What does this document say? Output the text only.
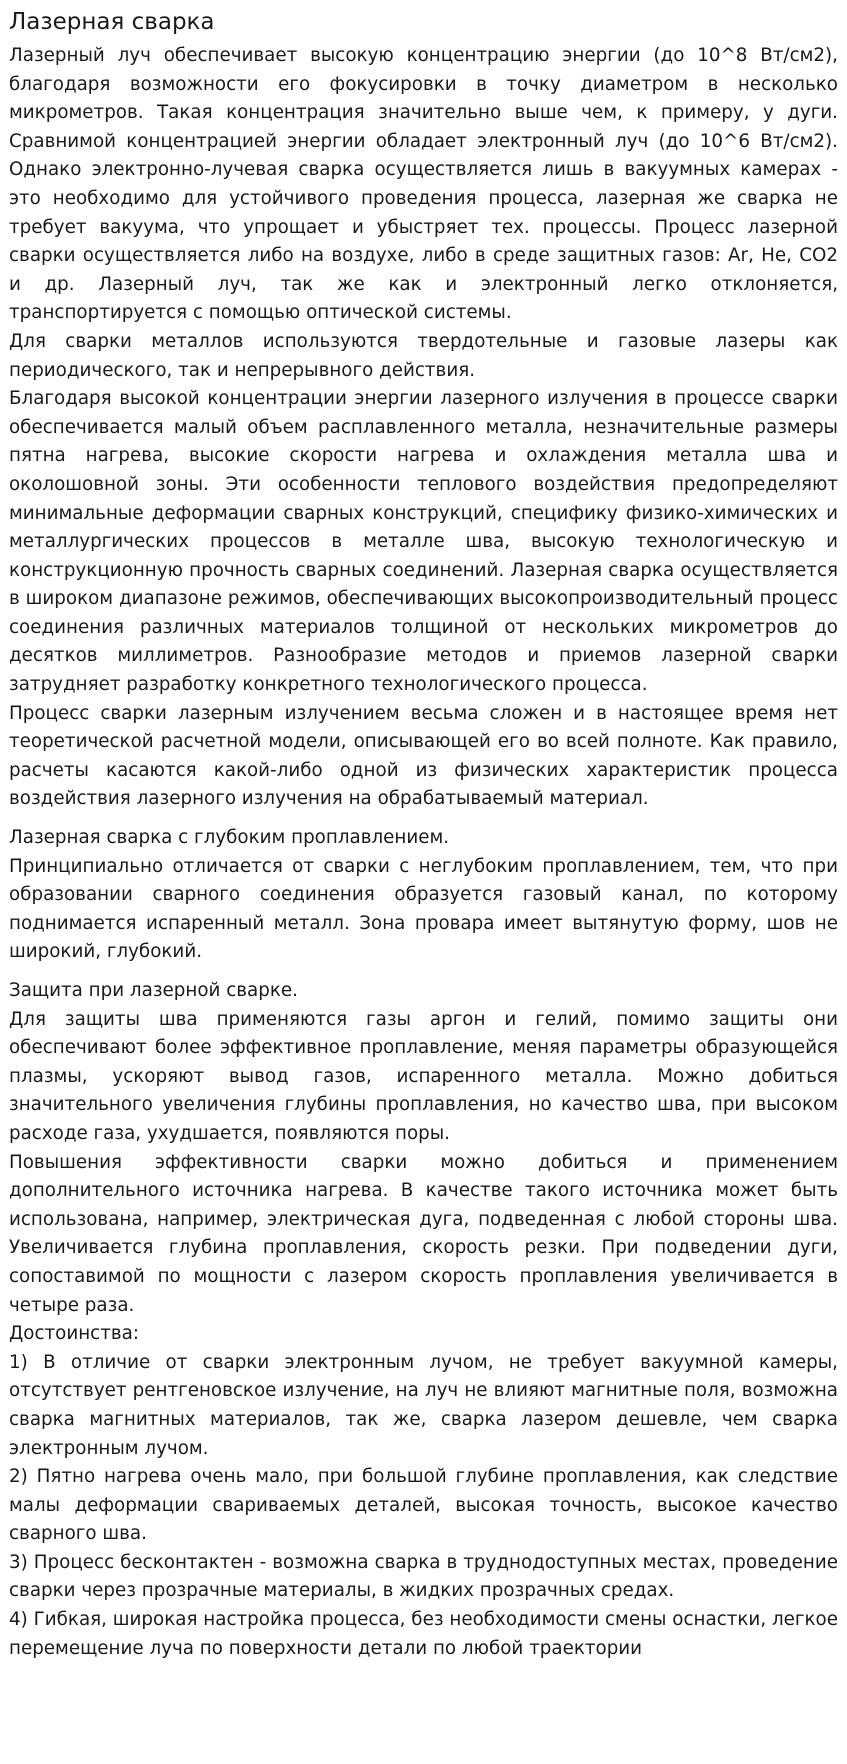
Лазерная сварка

Лазерный луч обеспечивает высокую концентрацию энергии (до 10^8 Вт/см2), благодаря возможности его фокусировки в точку диаметром в несколько микрометров. Такая концентрация значительно выше чем, к примеру, у дуги. Сравнимой концентрацией энергии обладает электронный луч (до 10^6 Вт/см2). Однако электронно-лучевая сварка осуществляется лишь в вакуумных камерах - это необходимо для устойчивого проведения процесса, лазерная же сварка не требует вакуума, что упрощает и убыстряет тех. процессы. Процесс лазерной сварки осуществляется либо на воздухе, либо в среде защитных газов: Ar, He, CO2 и др. Лазерный луч, так же как и электронный легко отклоняется, транспортируется с помощью оптической системы.

Для сварки металлов используются твердотельные и газовые лазеры как периодического, так и непрерывного действия.

Благодаря высокой концентрации энергии лазерного излучения в процессе сварки обеспечивается малый объем расплавленного металла, незначительные размеры пятна нагрева, высокие скорости нагрева и охлаждения металла шва и околошовной зоны. Эти особенности теплового воздействия предопределяют минимальные деформации сварных конструкций, специфику физико-химических и металлургических процессов в металле шва, высокую технологическую и конструкционную прочность сварных соединений. Лазерная сварка осуществляется в широком диапазоне режимов, обеспечивающих высокопроизводительный процесс соединения различных материалов толщиной от нескольких микрометров до десятков миллиметров. Разнообразие методов и приемов лазерной сварки затрудняет разработку конкретного технологического процесса.

Процесс сварки лазерным излучением весьма сложен и в настоящее время нет теоретической расчетной модели, описывающей его во всей полноте. Как правило, расчеты касаются какой-либо одной из физических характеристик процесса воздействия лазерного излучения на обрабатываемый материал.

Лазерная сварка с глубоким проплавлением.

Принципиально отличается от сварки с неглубоким проплавлением, тем, что при образовании сварного соединения образуется газовый канал, по которому поднимается испаренный металл. Зона провара имеет вытянутую форму, шов не широкий, глубокий.

Защита при лазерной сварке.

Для защиты шва применяются газы аргон и гелий, помимо защиты они обеспечивают более эффективное проплавление, меняя параметры образующейся плазмы, ускоряют вывод газов, испаренного металла. Можно добиться значительного увеличения глубины проплавления, но качество шва, при высоком расходе газа, ухудшается, появляются поры.

Повышения эффективности сварки можно добиться и применением дополнительного источника нагрева. В качестве такого источника может быть использована, например, электрическая дуга, подведенная с любой стороны шва. Увеличивается глубина проплавления, скорость резки. При подведении дуги, сопоставимой по мощности с лазером скорость проплавления увеличивается в четыре раза.

Достоинства:

1) В отличие от сварки электронным лучом, не требует вакуумной камеры, отсутствует рентгеновское излучение, на луч не влияют магнитные поля, возможна сварка магнитных материалов, так же, сварка лазером дешевле, чем сварка электронным лучом.

2) Пятно нагрева очень мало, при большой глубине проплавления, как следствие малы деформации свариваемых деталей, высокая точность, высокое качество сварного шва.

3) Процесс бесконтактен - возможна сварка в труднодоступных местах, проведение сварки через прозрачные материалы, в жидких прозрачных средах.

4) Гибкая, широкая настройка процесса, без необходимости смены оснастки, легкое перемещение луча по поверхности детали по любой траектории
